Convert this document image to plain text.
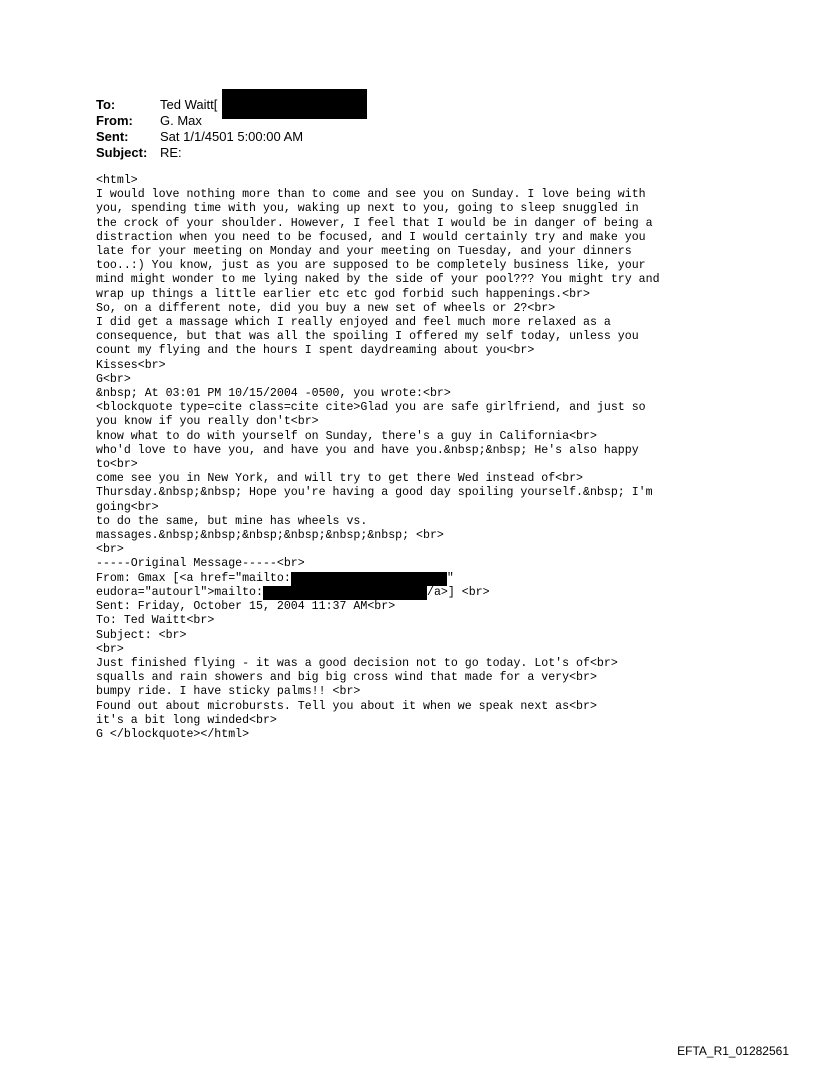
To:	Ted Waitt[
From:	G. Max
Sent:	Sat 1/1/4501 5:00:00 AM
Subject: RE:
<html>
I would love nothing more than to come and see you on Sunday. I love being with
you, spending time with you, waking up next to you, going to sleep snuggled in
the crock of your shoulder. However, I feel that I would be in danger of being a
distraction when you need to be focused, and I would certainly try and make you
late for your meeting on Monday and your meeting on Tuesday, and your dinners
too..:) You know, just as you are supposed to be completely business like, your
mind might wonder to me lying naked by the side of your pool??? You might try and
wrap up things a little earlier etc etc god forbid such happenings.<br>
So, on a different note, did you buy a new set of wheels or 2?<br>
I did get a massage which I really enjoyed and feel much more relaxed as a
consequence, but that was all the spoiling I offered my self today, unless you
count my flying and the hours I spent daydreaming about you<br>
Kisses<br>
G<br>
&nbsp; At 03:01 PM 10/15/2004 -0500, you wrote:<br>
<blockquote type=cite class=cite cite>Glad you are safe girlfriend, and just so
you know if you really don't<br>
know what to do with yourself on Sunday, there's a guy in California<br>
who'd love to have you, and have you and have you.&nbsp;&nbsp; He's also happy
to<br>
come see you in New York, and will try to get there Wed instead of<br>
Thursday.&nbsp;&nbsp; Hope you're having a good day spoiling yourself.&nbsp; I'm
going<br>
to do the same, but mine has wheels vs.
massages.&nbsp;&nbsp;&nbsp;&nbsp;&nbsp;&nbsp; <br>
<br>
-----Original Message-----<br>
From: Gmax [<a href="mailto:	"
eudora="autourl">mailto:	/a>] <br>
Sent: Friday, October 15, 2004 11:37 AM<br>
To: Ted Waitt<br>
Subject: <br>
<br>
Just finished flying - it was a good decision not to go today. Lot's of<br>
squalls and rain showers and big big cross wind that made for a very<br>
bumpy ride. I have sticky palms!! <br>
Found out about microbursts. Tell you about it when we speak next as<br>
it's a bit long winded<br>
G </blockquote></html>
EFTA_R1_01282561
